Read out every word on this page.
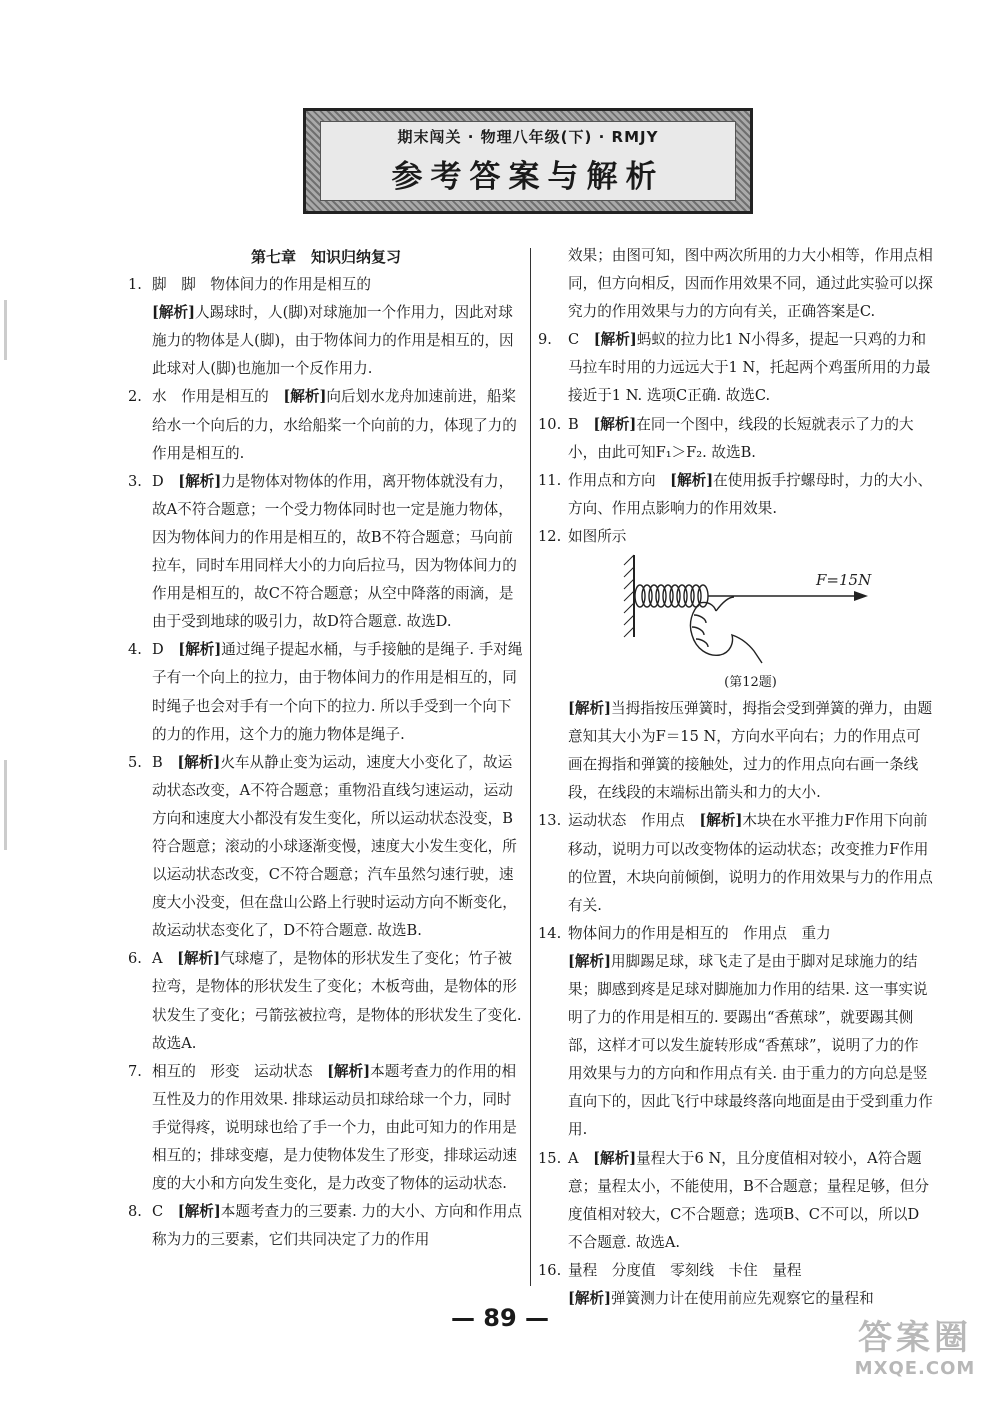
期末闯关 · 物理八年级(下) · RMJY
参考答案与解析
第七章　知识归纳复习
1. 脚　脚　物体间力的作用是相互的
[解析]人踢球时，人(脚)对球施加一个作用力，因此对球施力的物体是人(脚)，由于物体间力的作用是相互的，因此球对人(脚)也施加一个反作用力.
2. 水　作用是相互的　[解析]向后划水龙舟加速前进，船桨给水一个向后的力，水给船桨一个向前的力，体现了力的作用是相互的.
3. D　[解析]力是物体对物体的作用，离开物体就没有力，故A不符合题意；一个受力物体同时也一定是施力物体，因为物体间力的作用是相互的，故B不符合题意；马向前拉车，同时车用同样大小的力向后拉马，因为物体间力的作用是相互的，故C不符合题意；从空中降落的雨滴，是由于受到地球的吸引力，故D符合题意. 故选D.
4. D　[解析]通过绳子提起水桶，与手接触的是绳子. 手对绳子有一个向上的拉力，由于物体间力的作用是相互的，同时绳子也会对手有一个向下的拉力. 所以手受到一个向下的力的作用，这个力的施力物体是绳子.
5. B　[解析]火车从静止变为运动，速度大小变化了，故运动状态改变，A不符合题意；重物沿直线匀速运动，运动方向和速度大小都没有发生变化，所以运动状态没变，B符合题意；滚动的小球逐渐变慢，速度大小发生变化，所以运动状态改变，C不符合题意；汽车虽然匀速行驶，速度大小没变，但在盘山公路上行驶时运动方向不断变化，故运动状态变化了，D不符合题意. 故选B.
6. A　[解析]气球瘪了，是物体的形状发生了变化；竹子被拉弯，是物体的形状发生了变化；木板弯曲，是物体的形状发生了变化；弓箭弦被拉弯，是物体的形状发生了变化. 故选A.
7. 相互的　形变　运动状态　[解析]本题考查力的作用的相互性及力的作用效果. 排球运动员扣球给球一个力，同时手觉得疼，说明球也给了手一个力，由此可知力的作用是相互的；排球变瘪，是力使物体发生了形变，排球运动速度的大小和方向发生变化，是力改变了物体的运动状态.
8. C　[解析]本题考查力的三要素. 力的大小、方向和作用点称为力的三要素，它们共同决定了力的作用
效果；由图可知，图中两次所用的力大小相等，作用点相同，但方向相反，因而作用效果不同，通过此实验可以探究力的作用效果与力的方向有关，正确答案是C.
9. C　[解析]蚂蚁的拉力比1 N小得多，提起一只鸡的力和马拉车时用的力远远大于1 N，托起两个鸡蛋所用的力最接近于1 N. 选项C正确. 故选C.
10. B　[解析]在同一个图中，线段的长短就表示了力的大小，由此可知F₁＞F₂. 故选B.
11. 作用点和方向　[解析]在使用扳手拧螺母时，力的大小、方向、作用点影响力的作用效果.
12. 如图所示
F=15N
(第12题)
[解析]当拇指按压弹簧时，拇指会受到弹簧的弹力，由题意知其大小为F＝15 N，方向水平向右；力的作用点可画在拇指和弹簧的接触处，过力的作用点向右画一条线段，在线段的末端标出箭头和力的大小.
13. 运动状态　作用点　[解析]木块在水平推力F作用下向前移动，说明力可以改变物体的运动状态；改变推力F作用的位置，木块向前倾倒，说明力的作用效果与力的作用点有关.
14. 物体间力的作用是相互的　作用点　重力
[解析]用脚踢足球，球飞走了是由于脚对足球施力的结果；脚感到疼是足球对脚施加力作用的结果. 这一事实说明了力的作用是相互的. 要踢出“香蕉球”，就要踢其侧部，这样才可以发生旋转形成“香蕉球”，说明了力的作用效果与力的方向和作用点有关. 由于重力的方向总是竖直向下的，因此飞行中球最终落向地面是由于受到重力作用.
15. A　[解析]量程大于6 N，且分度值相对较小，A符合题意；量程太小，不能使用，B不合题意；量程足够，但分度值相对较大，C不合题意；选项B、C不可以，所以D不合题意. 故选A.
16. 量程　分度值　零刻线　卡住　量程
[解析]弹簧测力计在使用前应先观察它的量程和
— 89 —	答案圈
MXQE.COM
